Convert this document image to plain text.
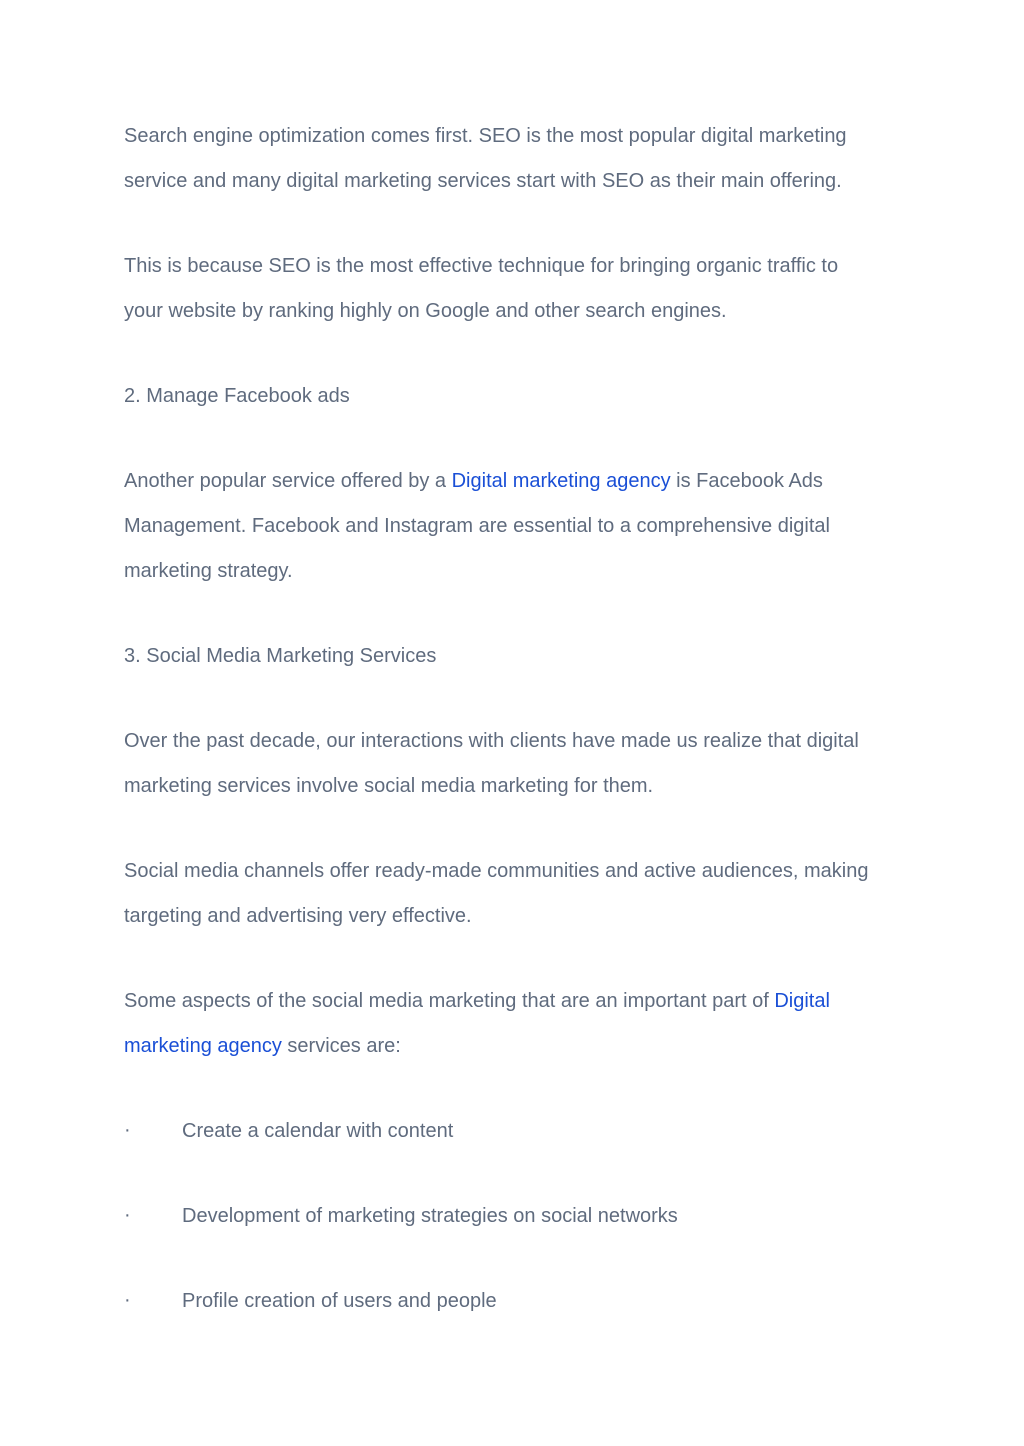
Search engine optimization comes first. SEO is the most popular digital marketing
service and many digital marketing services start with SEO as their main offering.
This is because SEO is the most effective technique for bringing organic traffic to
your website by ranking highly on Google and other search engines.
2. Manage Facebook ads
Another popular service offered by a Digital marketing agency is Facebook Ads
Management. Facebook and Instagram are essential to a comprehensive digital
marketing strategy.
3. Social Media Marketing Services
Over the past decade, our interactions with clients have made us realize that digital
marketing services involve social media marketing for them.
Social media channels offer ready-made communities and active audiences, making
targeting and advertising very effective.
Some aspects of the social media marketing that are an important part of Digital
marketing agency services are:
·	Create a calendar with content
·	Development of marketing strategies on social networks
·	Profile creation of users and people
